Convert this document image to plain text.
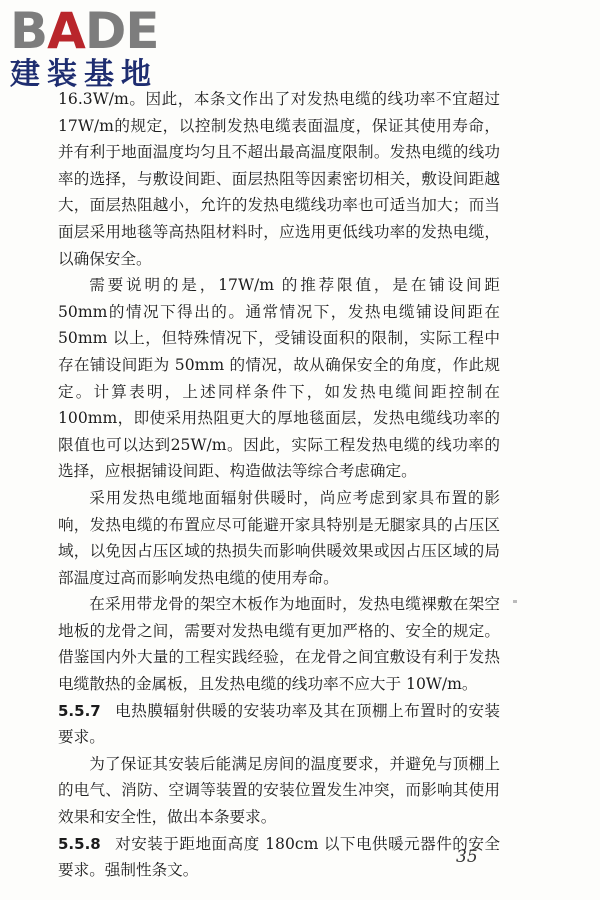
BADE
建装基地

16.3W/m。因此，本条文作出了对发热电缆的线功率不宜超过17W/m的规定，以控制发热电缆表面温度，保证其使用寿命，并有利于地面温度均匀且不超出最高温度限制。发热电缆的线功率的选择，与敷设间距、面层热阻等因素密切相关，敷设间距越大，面层热阻越小，允许的发热电缆线功率也可适当加大；而当面层采用地毯等高热阻材料时，应选用更低线功率的发热电缆，以确保安全。

需要说明的是，17W/m 的推荐限值，是在铺设间距 50mm的情况下得出的。通常情况下，发热电缆铺设间距在 50mm 以上，但特殊情况下，受铺设面积的限制，实际工程中存在铺设间距为 50mm 的情况，故从确保安全的角度，作此规定。计算表明，上述同样条件下，如发热电缆间距控制在 100mm，即使采用热阻更大的厚地毯面层，发热电缆线功率的限值也可以达到25W/m。因此，实际工程发热电缆的线功率的选择，应根据铺设间距、构造做法等综合考虑确定。

采用发热电缆地面辐射供暖时，尚应考虑到家具布置的影响，发热电缆的布置应尽可能避开家具特别是无腿家具的占压区域，以免因占压区域的热损失而影响供暖效果或因占压区域的局部温度过高而影响发热电缆的使用寿命。

在采用带龙骨的架空木板作为地面时，发热电缆裸敷在架空地板的龙骨之间，需要对发热电缆有更加严格的、安全的规定。借鉴国内外大量的工程实践经验，在龙骨之间宜敷设有利于发热电缆散热的金属板，且发热电缆的线功率不应大于 10W/m。

5.5.7 电热膜辐射供暖的安装功率及其在顶棚上布置时的安装要求。

为了保证其安装后能满足房间的温度要求，并避免与顶棚上的电气、消防、空调等装置的安装位置发生冲突，而影响其使用效果和安全性，做出本条要求。

5.5.8 对安装于距地面高度 180cm 以下电供暖元器件的安全要求。强制性条文。

35
